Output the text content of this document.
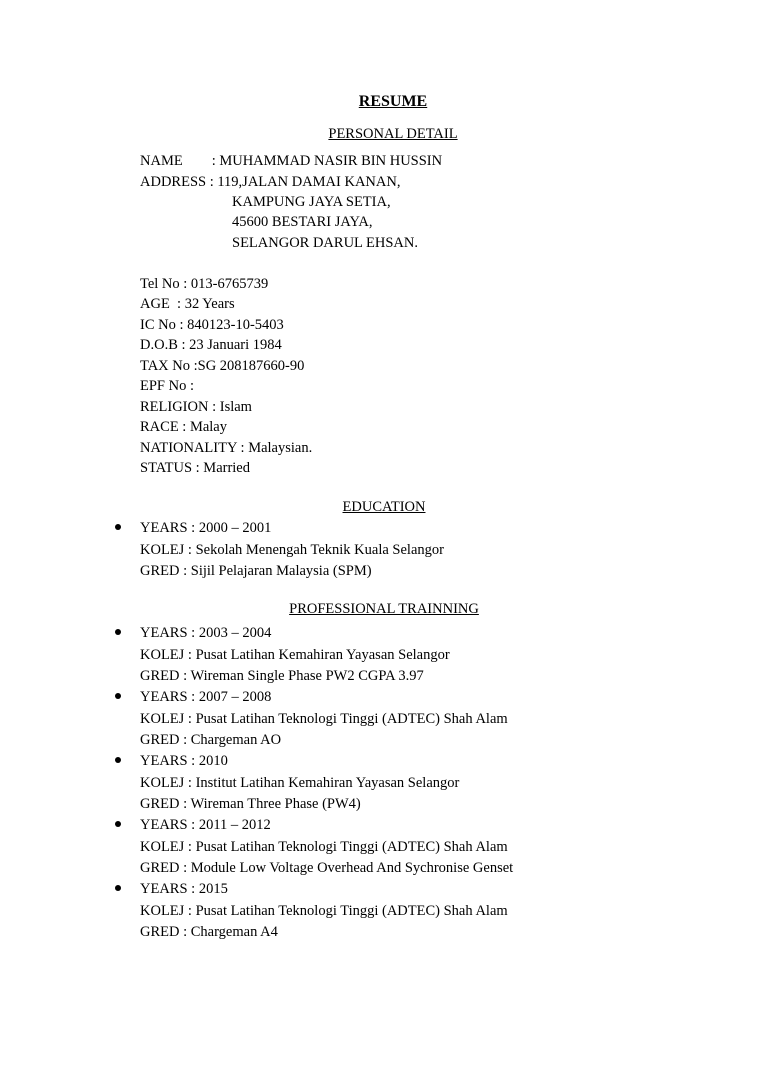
RESUME
PERSONAL DETAIL
NAME        : MUHAMMAD NASIR BIN HUSSIN
ADDRESS : 119,JALAN DAMAI KANAN,
KAMPUNG JAYA SETIA,
45600 BESTARI JAYA,
SELANGOR DARUL EHSAN.
Tel No : 013-6765739
AGE  : 32 Years
IC No : 840123-10-5403
D.O.B : 23 Januari 1984
TAX No :SG 208187660-90
EPF No :
RELIGION : Islam
RACE : Malay
NATIONALITY : Malaysian.
STATUS : Married
EDUCATION
YEARS : 2000 – 2001
KOLEJ : Sekolah Menengah Teknik Kuala Selangor
GRED : Sijil Pelajaran Malaysia (SPM)
PROFESSIONAL TRAINNING
YEARS : 2003 – 2004
KOLEJ : Pusat Latihan Kemahiran Yayasan Selangor
GRED : Wireman Single Phase PW2 CGPA 3.97
YEARS : 2007 – 2008
KOLEJ : Pusat Latihan Teknologi Tinggi (ADTEC) Shah Alam
GRED : Chargeman AO
YEARS : 2010
KOLEJ : Institut Latihan Kemahiran Yayasan Selangor
GRED : Wireman Three Phase (PW4)
YEARS : 2011 – 2012
KOLEJ : Pusat Latihan Teknologi Tinggi (ADTEC) Shah Alam
GRED : Module Low Voltage Overhead And Sychronise Genset
YEARS : 2015
KOLEJ : Pusat Latihan Teknologi Tinggi (ADTEC) Shah Alam
GRED : Chargeman A4
